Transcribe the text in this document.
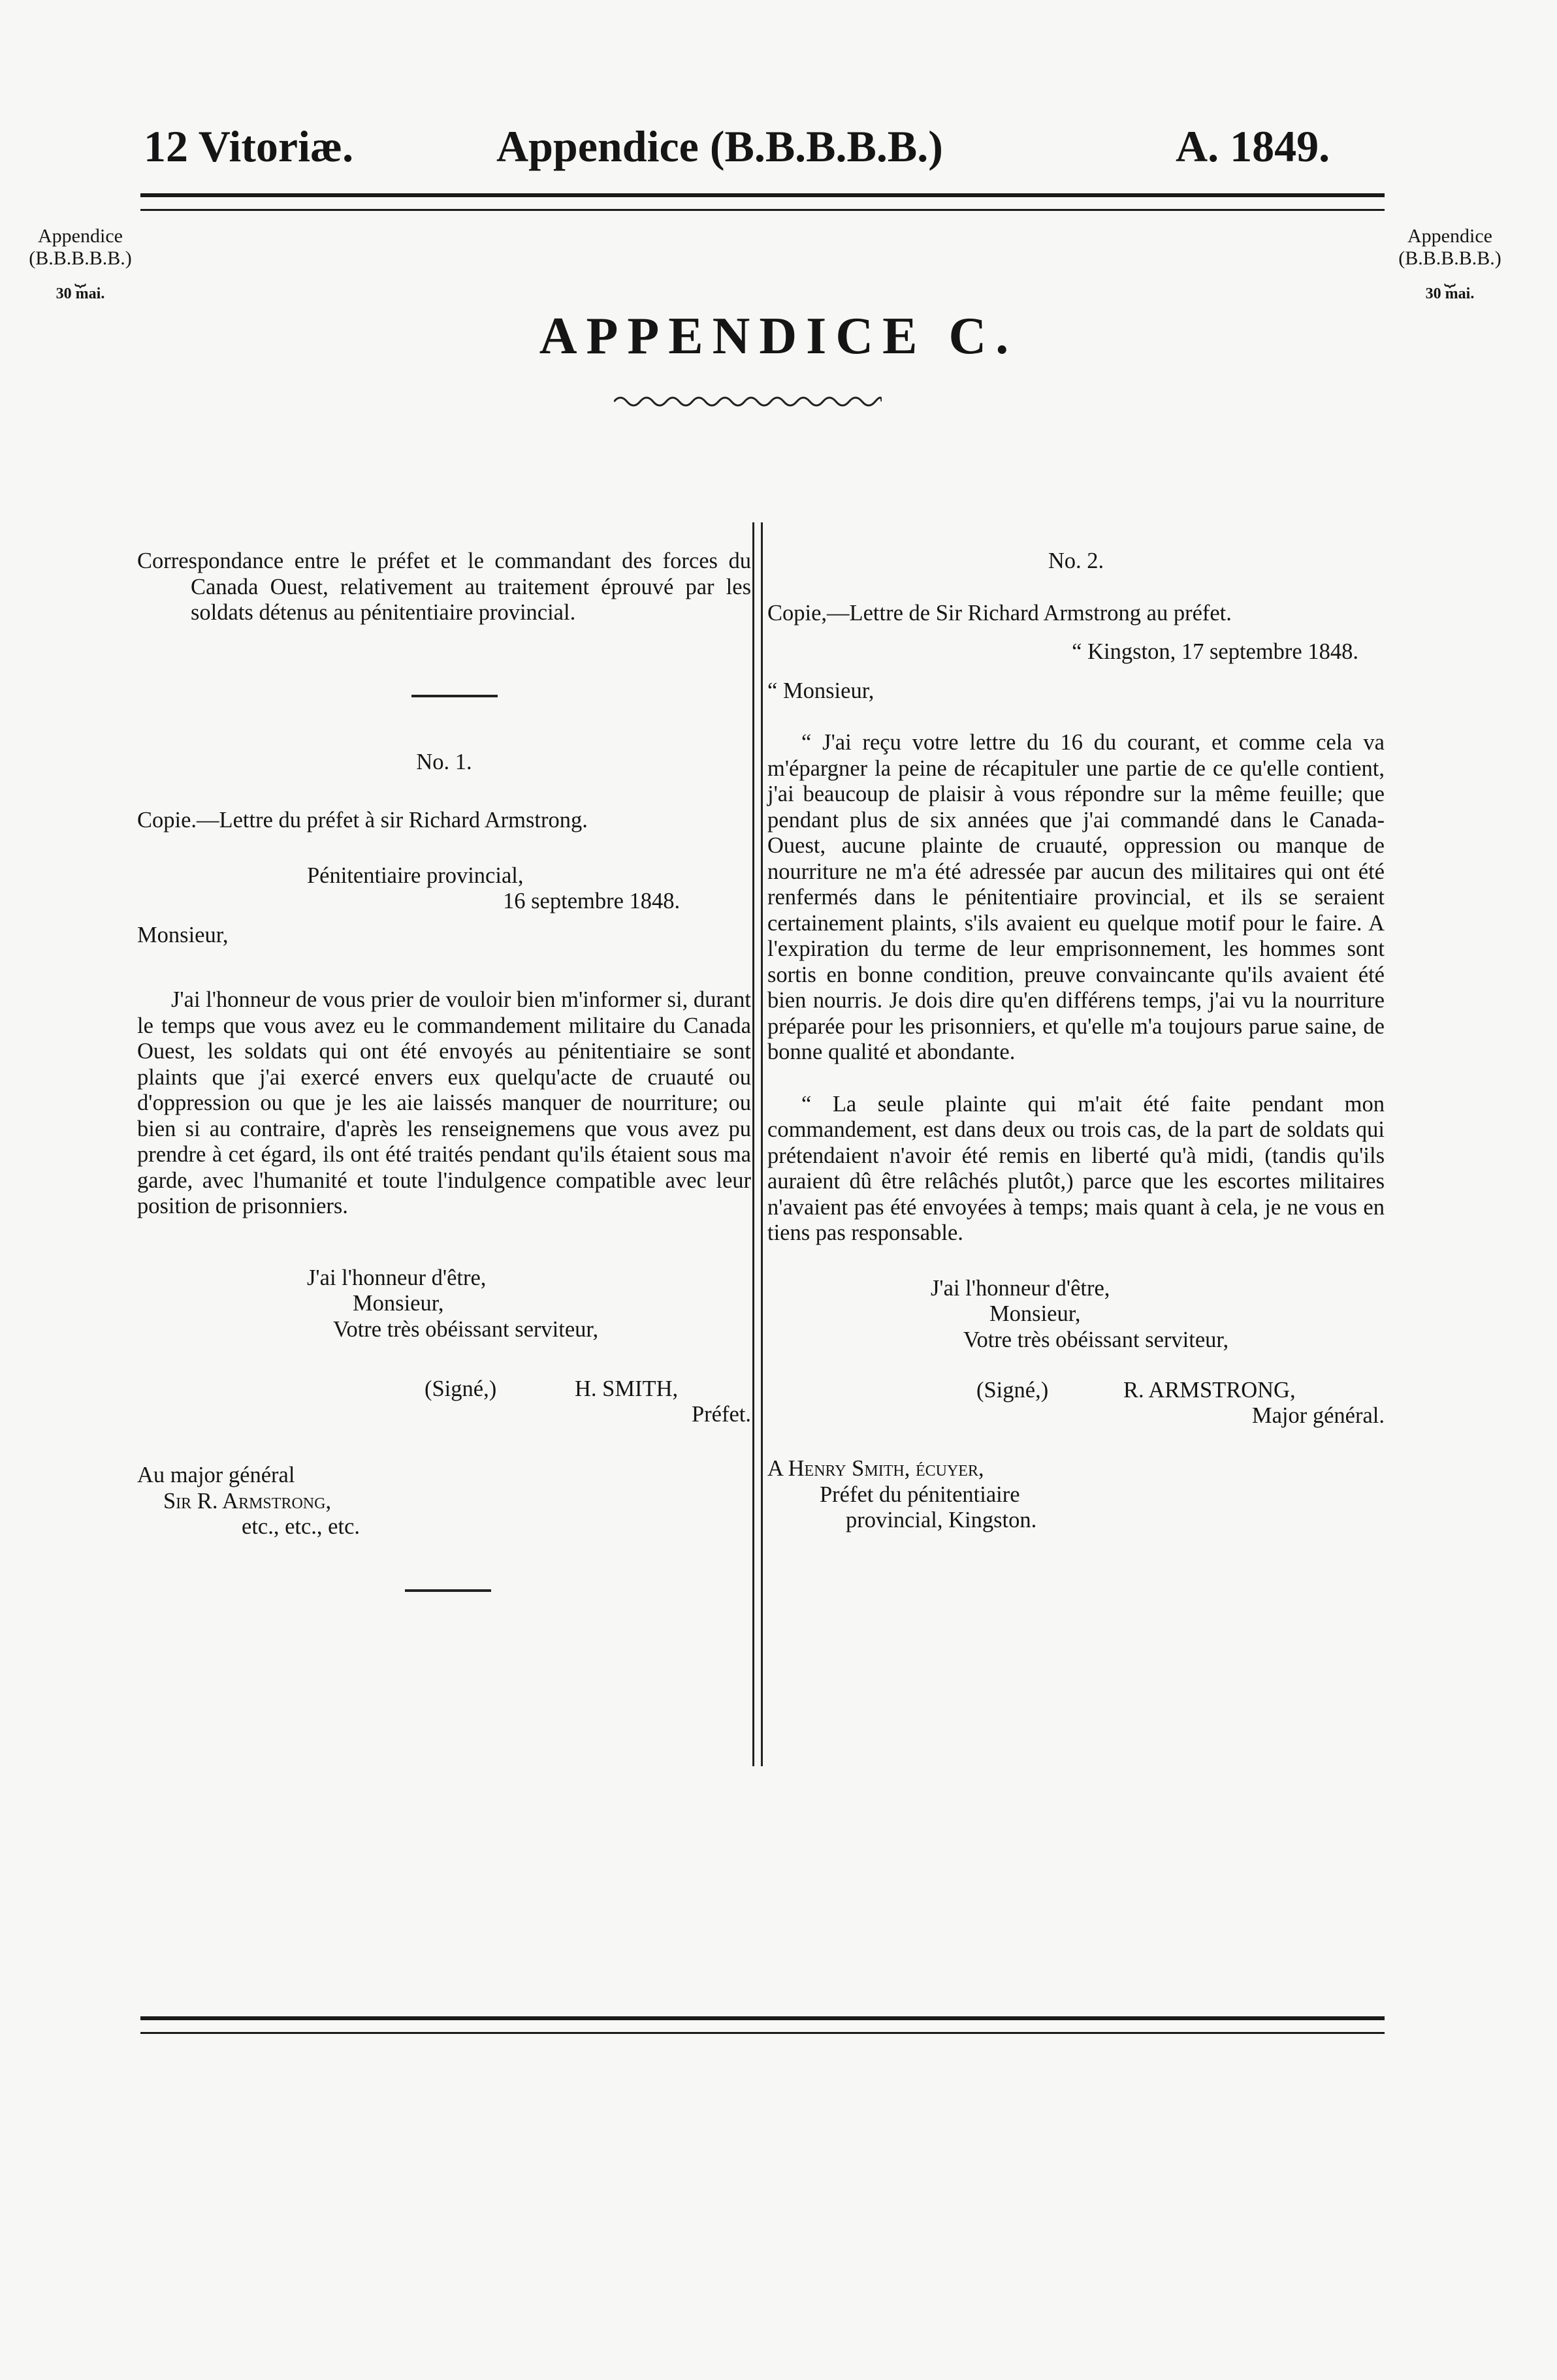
12 Vitoriæ.	Appendice (B.B.B.B.B.)	A. 1849.
Appendice
(B.B.B.B.B.)
⏟
30 mai.
Appendice
(B.B.B.B.B.)
⏟
30 mai.
APPENDICE C.

Correspondance entre le préfet et le commandant des forces du Canada Ouest, relativement au traitement éprouvé par les soldats détenus au pénitentiaire provincial.

No. 1.

Copie.—Lettre du préfet à sir Richard Armstrong.

Pénitentiaire provincial,

16 septembre 1848.

Monsieur,

J'ai l'honneur de vous prier de vouloir bien m'informer si, durant le temps que vous avez eu le commandement militaire du Canada Ouest, les soldats qui ont été envoyés au pénitentiaire se sont plaints que j'ai exercé envers eux quelqu'acte de cruauté ou d'oppression ou que je les aie laissés manquer de nourriture; ou bien si au contraire, d'après les renseignemens que vous avez pu prendre à cet égard, ils ont été traités pendant qu'ils étaient sous ma garde, avec l'humanité et toute l'indulgence compatible avec leur position de prisonniers.

J'ai l'honneur d'être,

Monsieur,

Votre très obéissant serviteur,

(Signé,)	H. SMITH,
Préfet.

Au major général

Sir R. Armstrong,

etc., etc., etc.

No. 2.

Copie,—Lettre de Sir Richard Armstrong au préfet.

“ Kingston, 17 septembre 1848.

“ Monsieur,

“ J'ai reçu votre lettre du 16 du courant, et comme cela va m'épargner la peine de récapituler une partie de ce qu'elle contient, j'ai beaucoup de plaisir à vous répondre sur la même feuille; que pendant plus de six années que j'ai commandé dans le Canada-Ouest, aucune plainte de cruauté, oppression ou manque de nourriture ne m'a été adressée par aucun des militaires qui ont été renfermés dans le pénitentiaire provincial, et ils se seraient certainement plaints, s'ils avaient eu quelque motif pour le faire. A l'expiration du terme de leur emprisonnement, les hommes sont sortis en bonne condition, preuve convaincante qu'ils avaient été bien nourris. Je dois dire qu'en différens temps, j'ai vu la nourriture préparée pour les prisonniers, et qu'elle m'a toujours parue saine, de bonne qualité et abondante.

“ La seule plainte qui m'ait été faite pendant mon commandement, est dans deux ou trois cas, de la part de soldats qui prétendaient n'avoir été remis en liberté qu'à midi, (tandis qu'ils auraient dû être relâchés plutôt,) parce que les escortes militaires n'avaient pas été envoyées à temps; mais quant à cela, je ne vous en tiens pas responsable.

J'ai l'honneur d'être,

Monsieur,

Votre très obéissant serviteur,

(Signé,)	R. ARMSTRONG,
Major général.

A Henry Smith, écuyer,

Préfet du pénitentiaire

provincial, Kingston.
